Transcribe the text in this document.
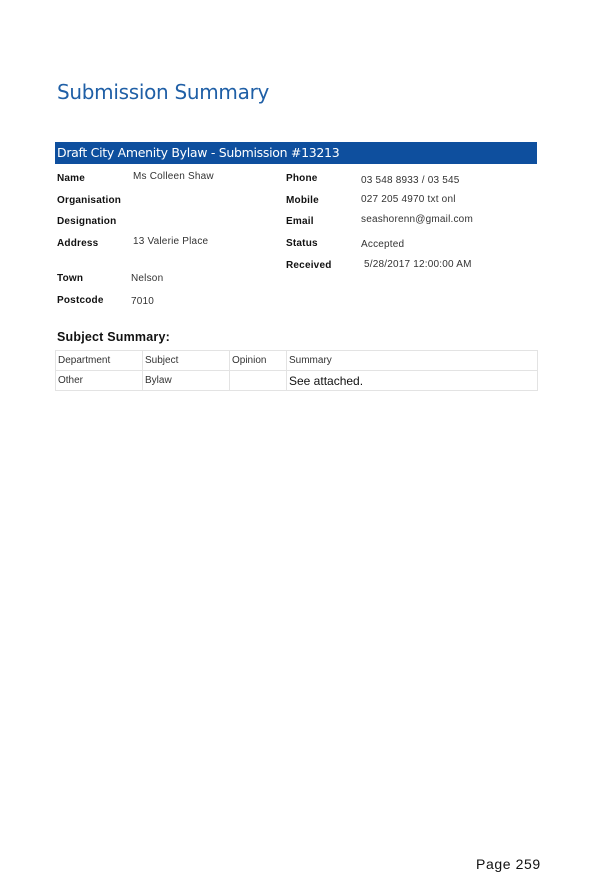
Submission Summary
Draft City Amenity Bylaw - Submission #13213
Name	Ms Colleen Shaw
Organisation
Designation
Address	13 Valerie Place
Town	Nelson
Postcode	7010
Phone	03 548 8933 / 03 545
Mobile	027 205 4970 txt onl
Email	seashorenn@gmail.com
Status	Accepted
Received	5/28/2017 12:00:00 AM
Subject Summary:
Department	Subject	Opinion	Summary
Other	Bylaw		See attached.
Page 259
